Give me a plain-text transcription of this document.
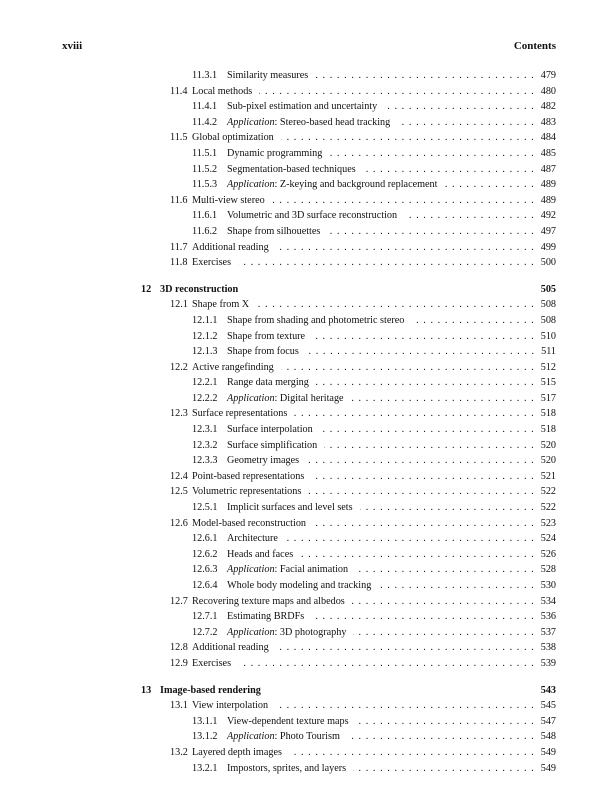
xviii	Contents
11.3.1 Similarity measures . . .	479
11.4 Local methods . . .	480
11.4.1 Sub-pixel estimation and uncertainty . . .	482
11.4.2 Application: Stereo-based head tracking . . .	483
11.5 Global optimization . . .	484
11.5.1 Dynamic programming . . .	485
11.5.2 Segmentation-based techniques . . .	487
11.5.3 Application: Z-keying and background replacement . . .	489
11.6 Multi-view stereo . . .	489
11.6.1 Volumetric and 3D surface reconstruction . . .	492
11.6.2 Shape from silhouettes . . .	497
11.7 Additional reading . . .	499
11.8 Exercises . . .	500
12 3D reconstruction	505
12.1 Shape from X . . .	508
12.1.1 Shape from shading and photometric stereo . . .	508
12.1.2 Shape from texture . . .	510
12.1.3 Shape from focus . . .	511
12.2 Active rangefinding . . .	512
12.2.1 Range data merging . . .	515
12.2.2 Application: Digital heritage . . .	517
12.3 Surface representations . . .	518
12.3.1 Surface interpolation . . .	518
12.3.2 Surface simplification . . .	520
12.3.3 Geometry images . . .	520
12.4 Point-based representations . . .	521
12.5 Volumetric representations . . .	522
12.5.1 Implicit surfaces and level sets . . .	522
12.6 Model-based reconstruction . . .	523
12.6.1 Architecture . . .	524
12.6.2 Heads and faces . . .	526
12.6.3 Application: Facial animation . . .	528
12.6.4 Whole body modeling and tracking . . .	530
12.7 Recovering texture maps and albedos . . .	534
12.7.1 Estimating BRDFs . . .	536
12.7.2 Application: 3D photography . . .	537
12.8 Additional reading . . .	538
12.9 Exercises . . .	539
13 Image-based rendering	543
13.1 View interpolation . . .	545
13.1.1 View-dependent texture maps . . .	547
13.1.2 Application: Photo Tourism . . .	548
13.2 Layered depth images . . .	549
13.2.1 Impostors, sprites, and layers . . .	549
